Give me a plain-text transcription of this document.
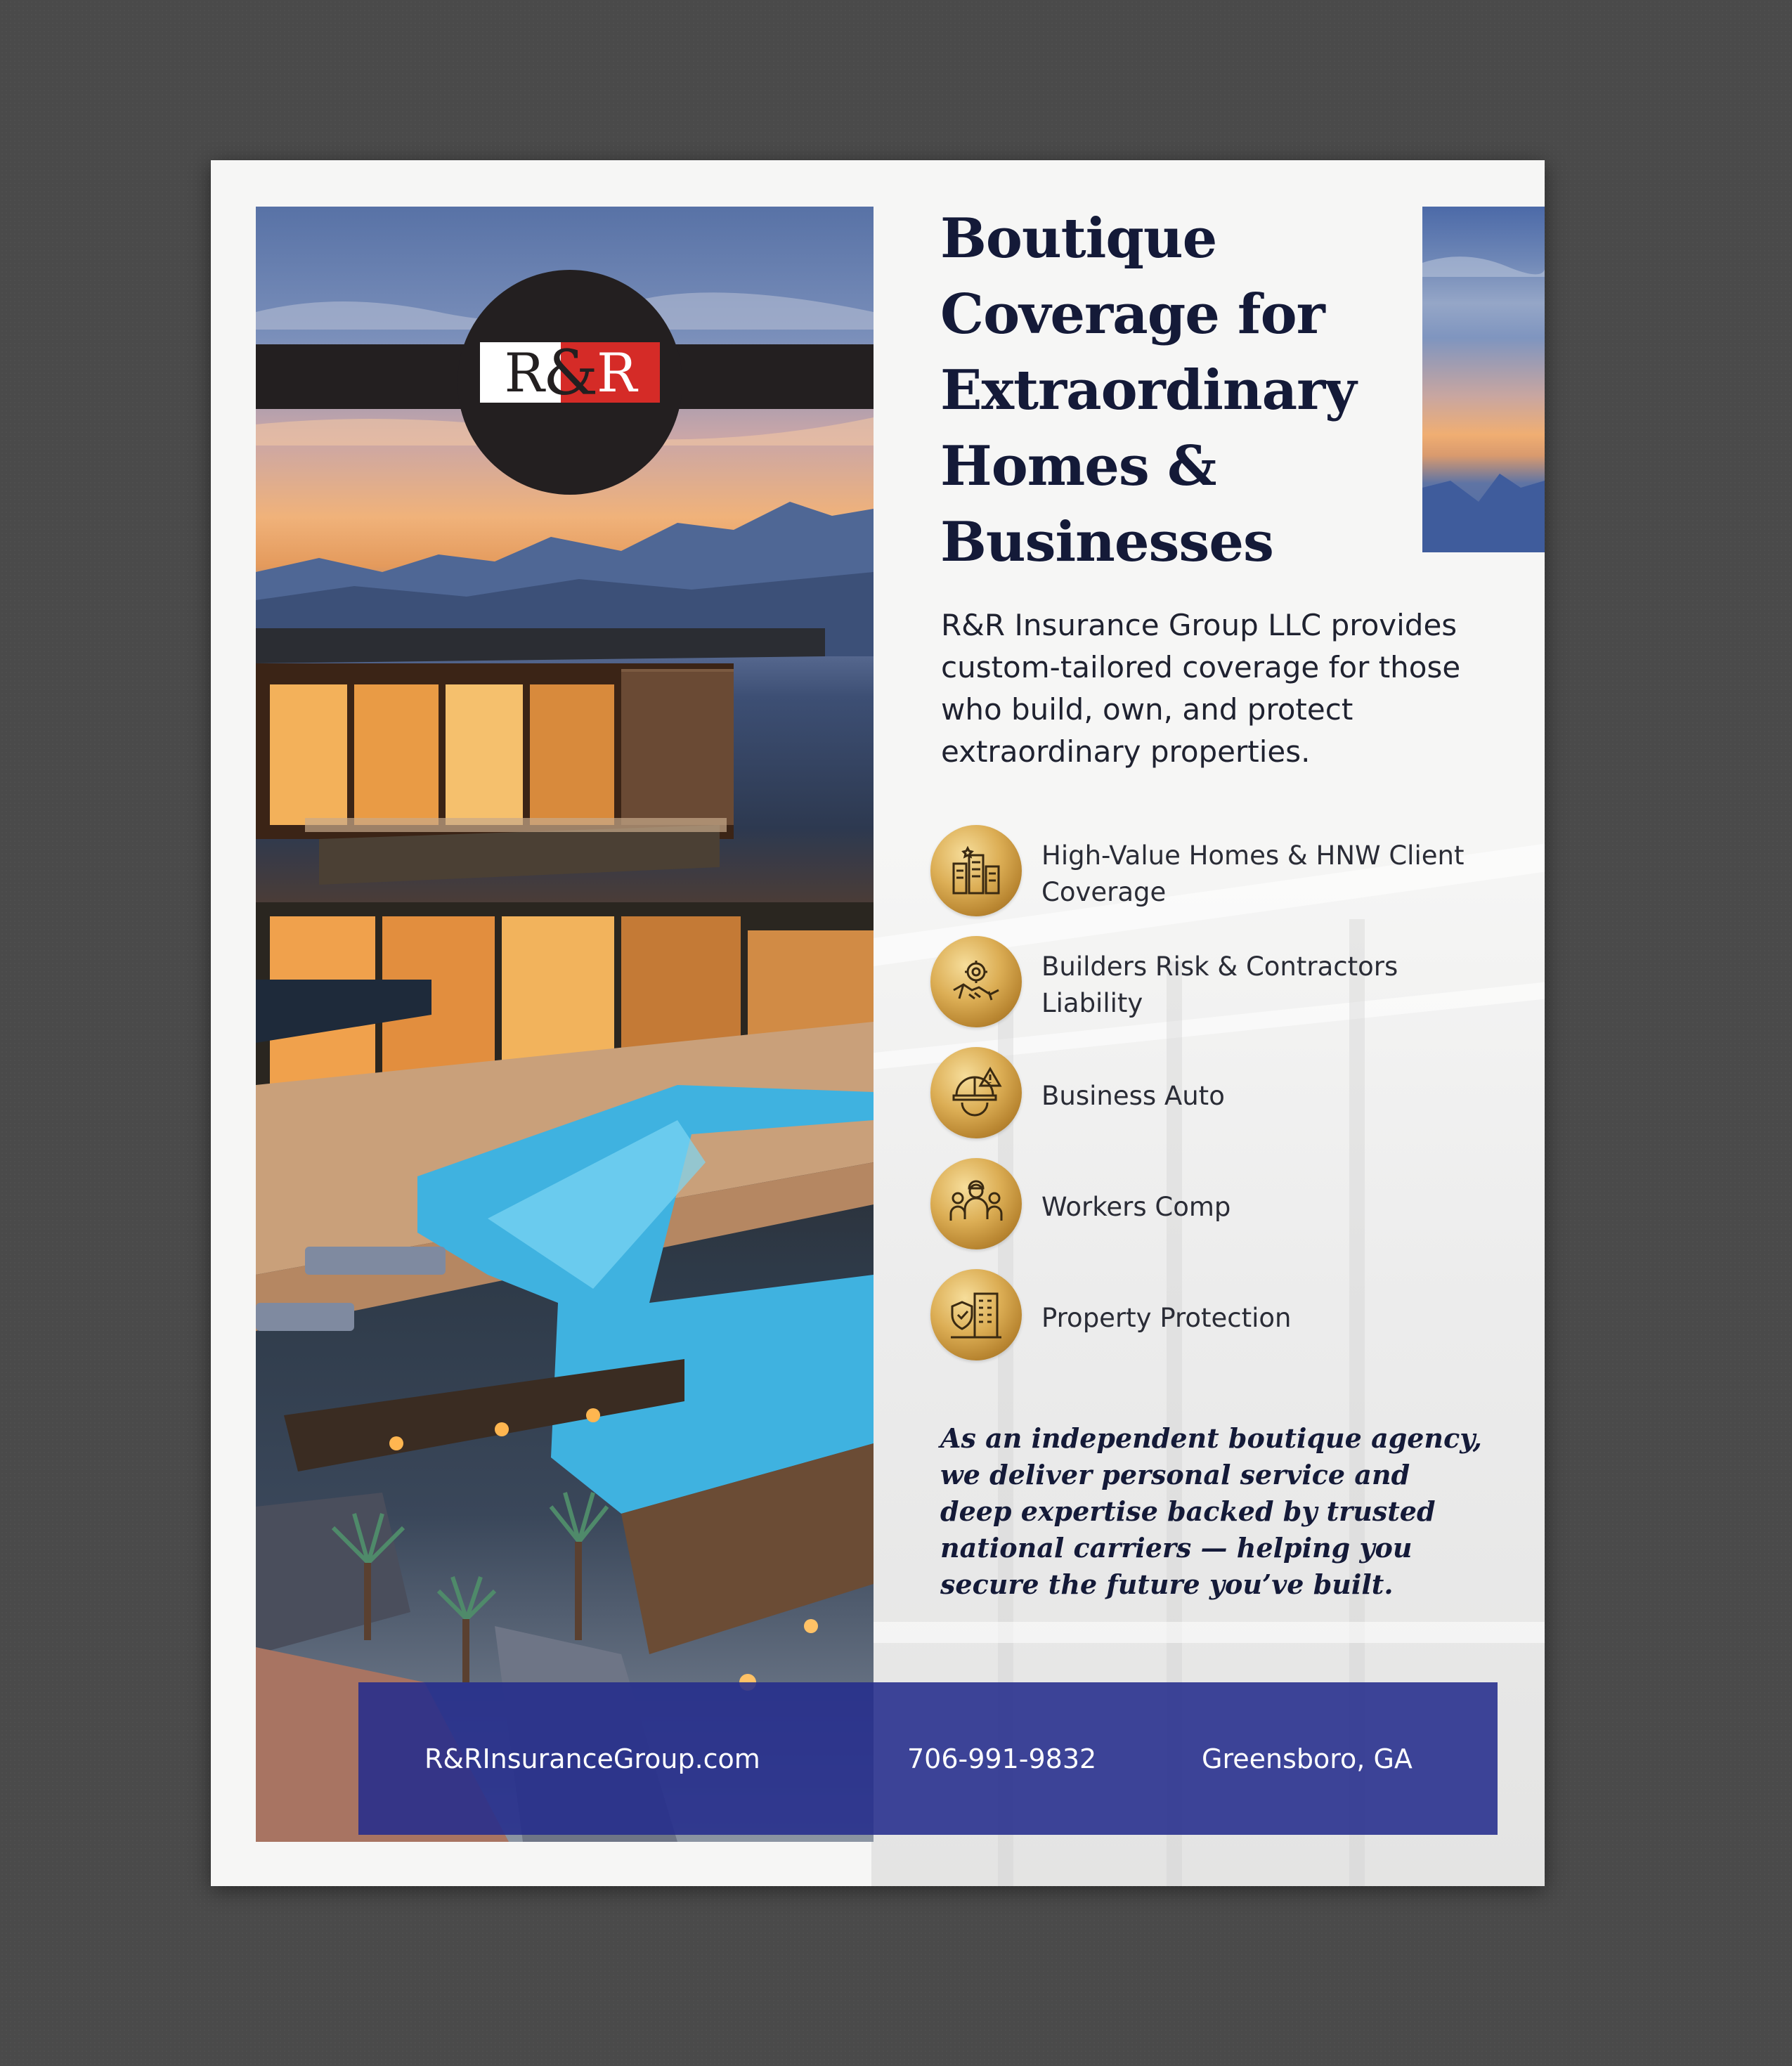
R & R
Boutique Coverage for Extraordinary Homes & Businesses

R&R Insurance Group LLC provides custom-tailored coverage for those who build, own, and protect extraordinary properties.

High-Value Homes & HNW Client Coverage
Builders Risk & Contractors Liability
Business Auto
Workers Comp
Property Protection

As an independent boutique agency, we deliver personal service and deep expertise backed by trusted national carriers — helping you secure the future you’ve built.

R&RInsuranceGroup.com	706-991-9832	Greensboro, GA
